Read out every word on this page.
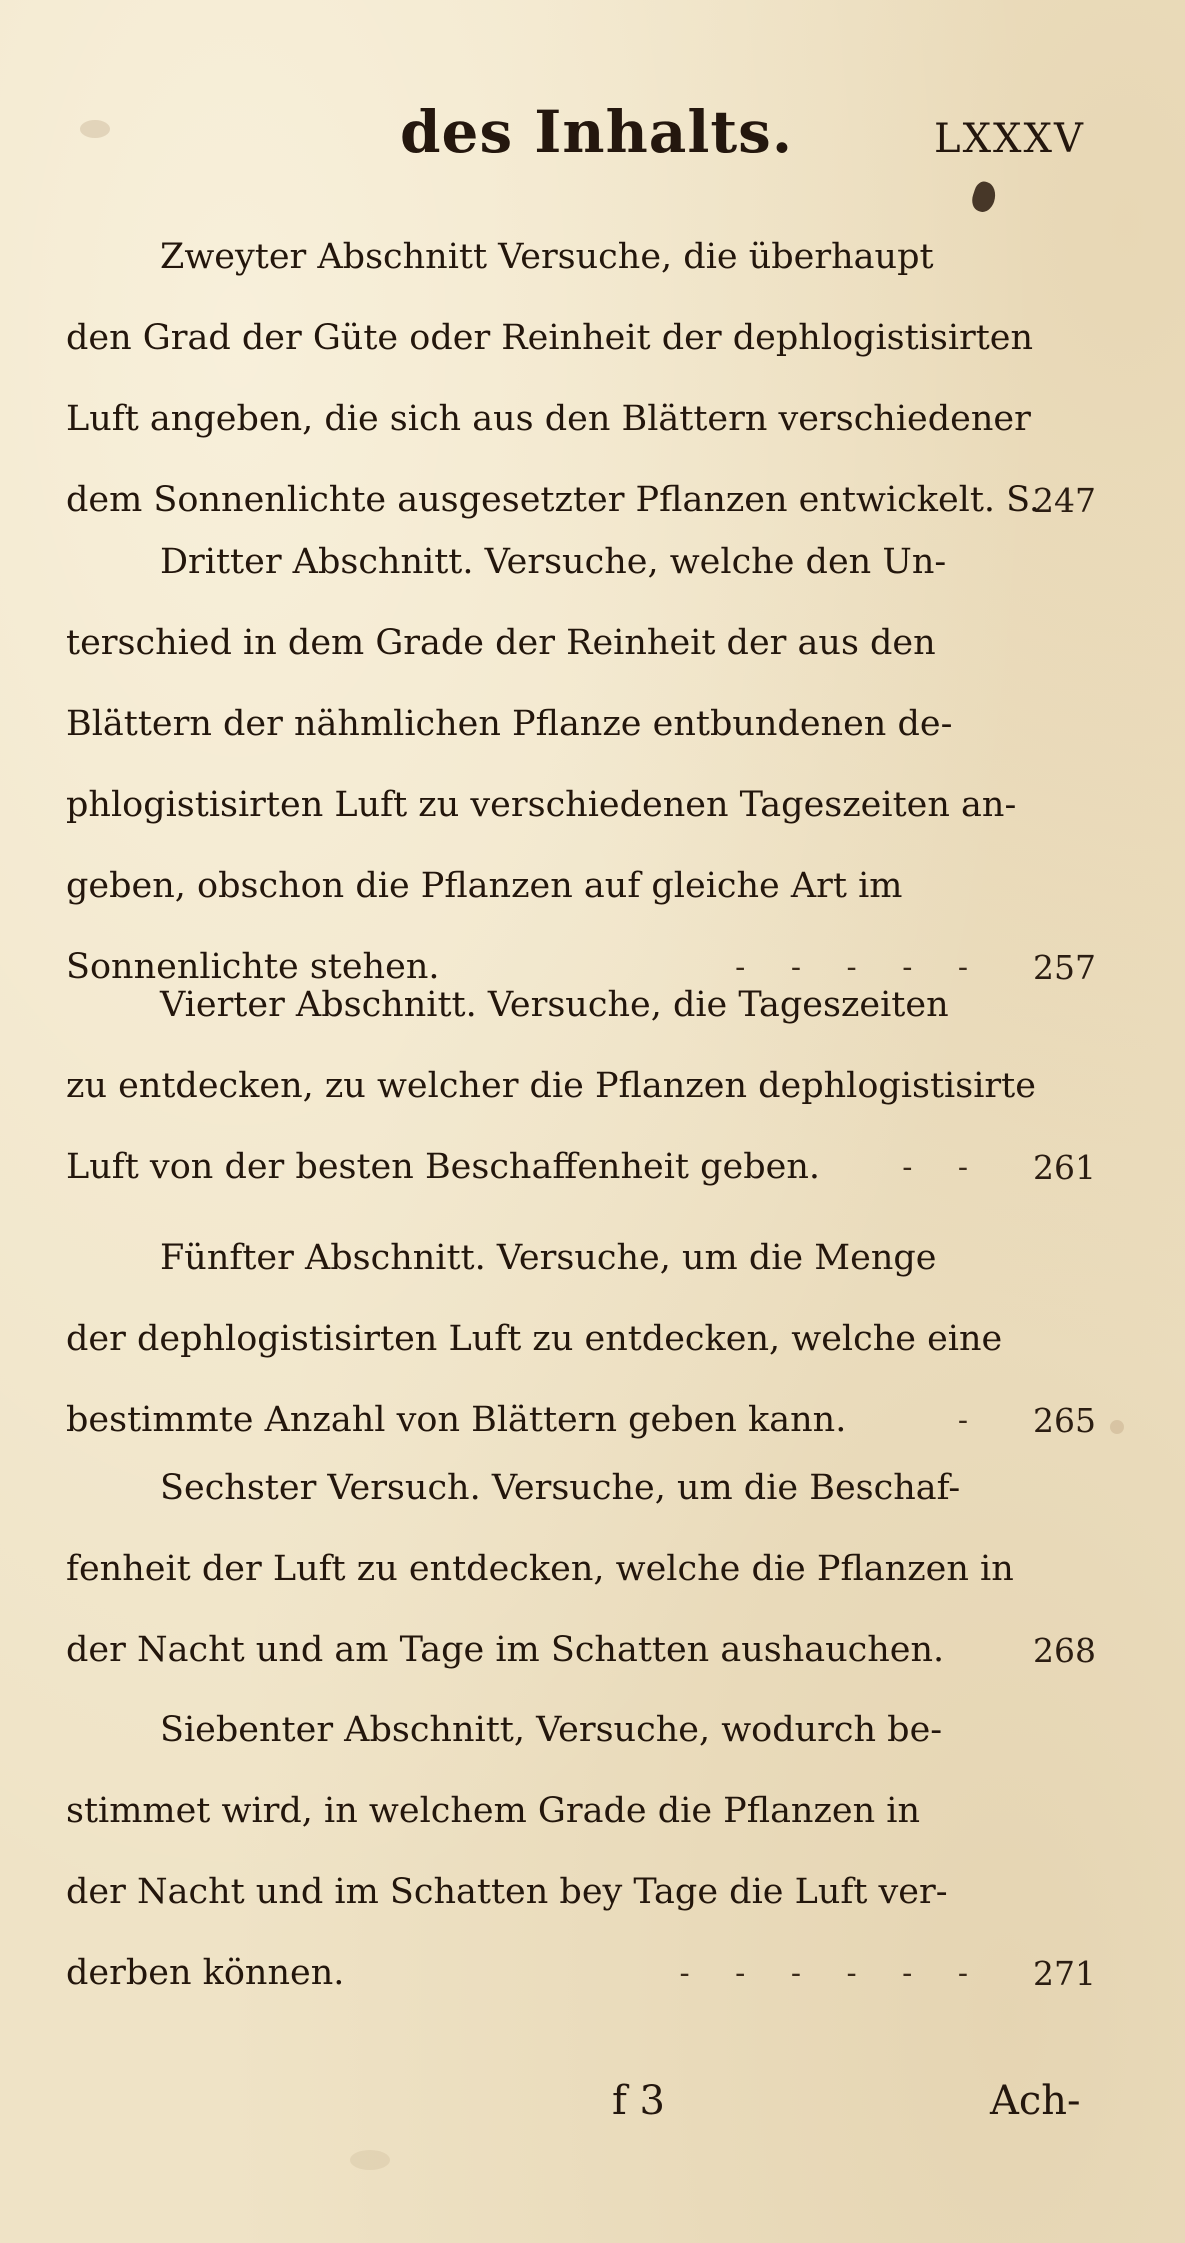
des Inhalts.	LXXXV
Zweyter Abschnitt Versuche, die überhaupt
den Grad der Güte oder Reinheit der dephlogistisirten
Luft angeben, die sich aus den Blättern verschiedener
dem Sonnenlichte ausgesetzter Pflanzen entwickelt. S.
247
Dritter Abschnitt. Versuche, welche den Un-
terschied in dem Grade der Reinheit der aus den
Blättern der nähmlichen Pflanze entbundenen de-
phlogistisirten Luft zu verschiedenen Tageszeiten an-
geben, obschon die Pflanzen auf gleiche Art im
Sonnenlichte stehen.	- - - - - 257
Vierter Abschnitt. Versuche, die Tageszeiten
zu entdecken, zu welcher die Pflanzen dephlogistisirte
Luft von der besten Beschaffenheit geben.	- - 261
Fünfter Abschnitt. Versuche, um die Menge
der dephlogistisirten Luft zu entdecken, welche eine
bestimmte Anzahl von Blättern geben kann.	- 265
Sechster Versuch. Versuche, um die Beschaf-
fenheit der Luft zu entdecken, welche die Pflanzen in
der Nacht und am Tage im Schatten aushauchen.	268
Siebenter Abschnitt, Versuche, wodurch be-
stimmet wird, in welchem Grade die Pflanzen in
der Nacht und im Schatten bey Tage die Luft ver-
derben können.	- - - - - - 271
f 3	Ach-
